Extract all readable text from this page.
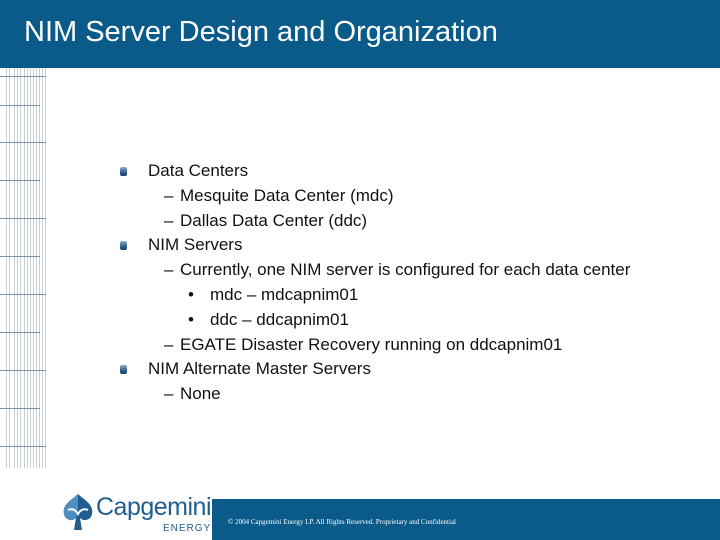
NIM Server Design and Organization
Data Centers
– Mesquite Data Center (mdc)
– Dallas Data Center (ddc)
NIM Servers
– Currently, one NIM server is configured for each data center
• mdc – mdcapnim01
• ddc – ddcapnim01
– EGATE Disaster Recovery running on ddcapnim01
NIM Alternate Master Servers
– None
Capgemini
ENERGY
© 2004 Capgemini Energy LP. All Rights Reserved. Proprietary and Confidential
